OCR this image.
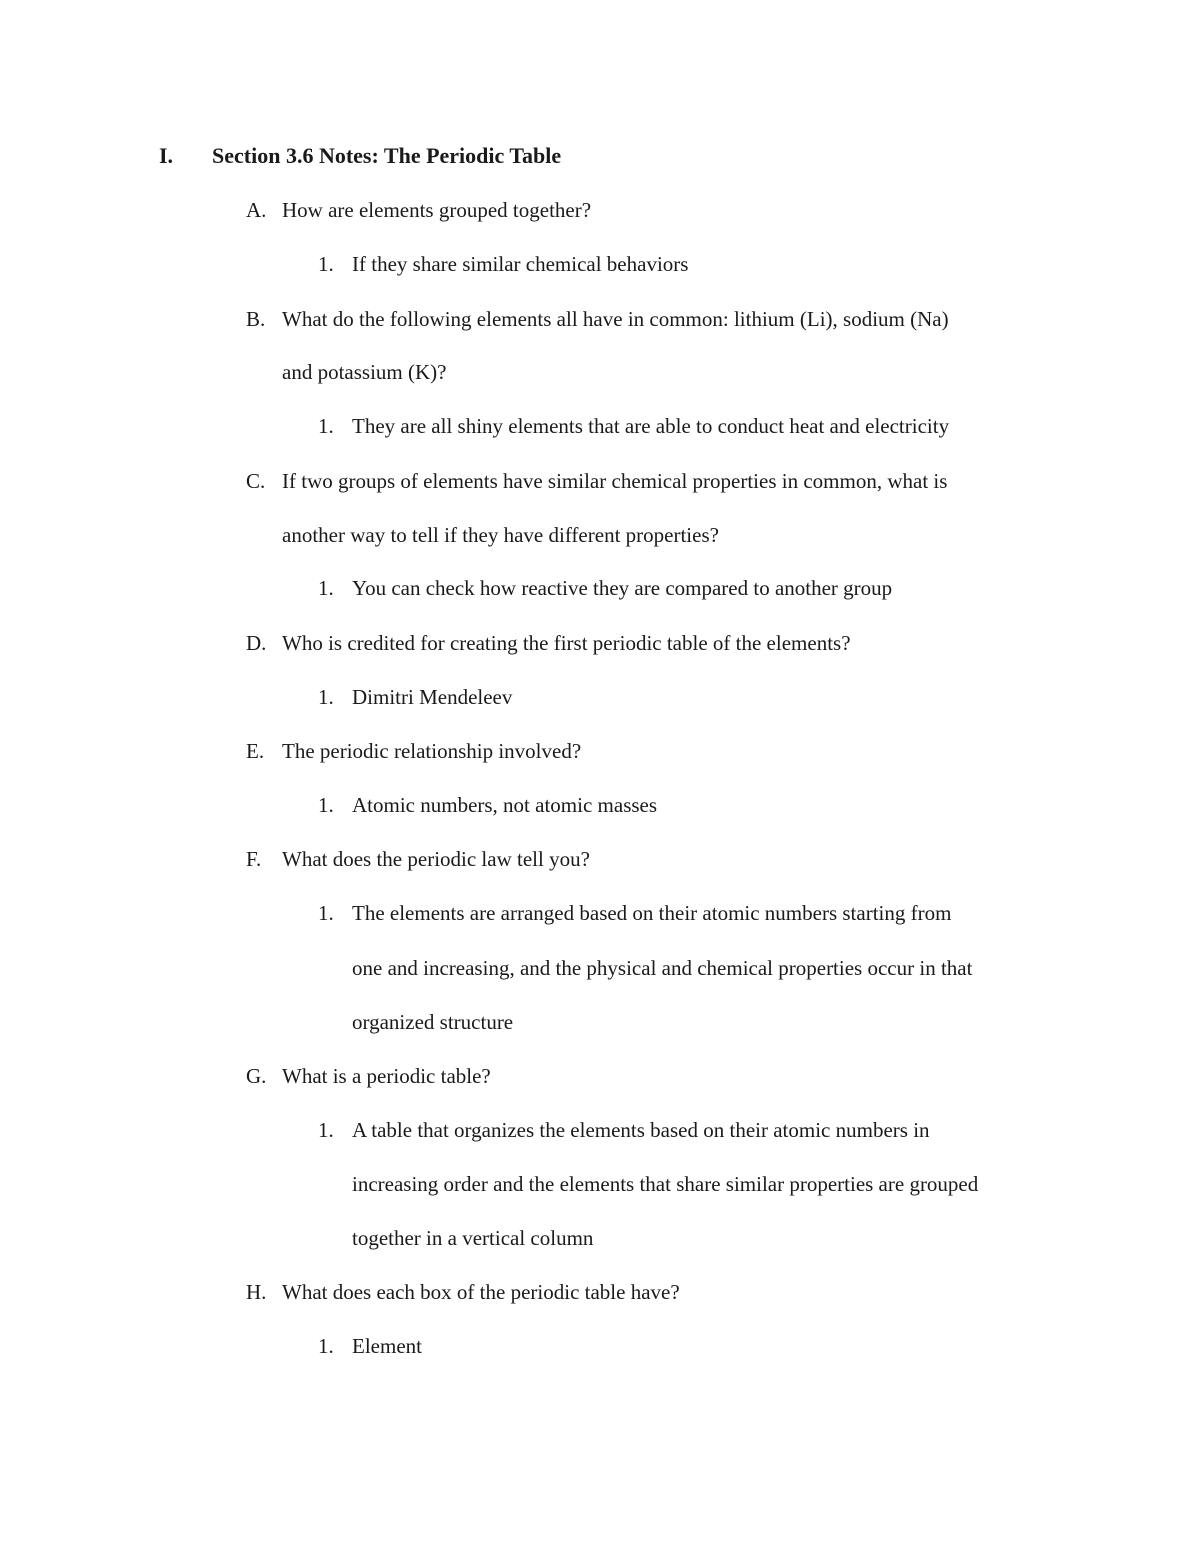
I. Section 3.6 Notes: The Periodic Table
A. How are elements grouped together?
1. If they share similar chemical behaviors
B. What do the following elements all have in common: lithium (Li), sodium (Na)
and potassium (K)?
1. They are all shiny elements that are able to conduct heat and electricity
C. If two groups of elements have similar chemical properties in common, what is
another way to tell if they have different properties?
1. You can check how reactive they are compared to another group
D. Who is credited for creating the first periodic table of the elements?
1. Dimitri Mendeleev
E. The periodic relationship involved?
1. Atomic numbers, not atomic masses
F. What does the periodic law tell you?
1. The elements are arranged based on their atomic numbers starting from
one and increasing, and the physical and chemical properties occur in that
organized structure
G. What is a periodic table?
1. A table that organizes the elements based on their atomic numbers in
increasing order and the elements that share similar properties are grouped
together in a vertical column
H. What does each box of the periodic table have?
1. Element
